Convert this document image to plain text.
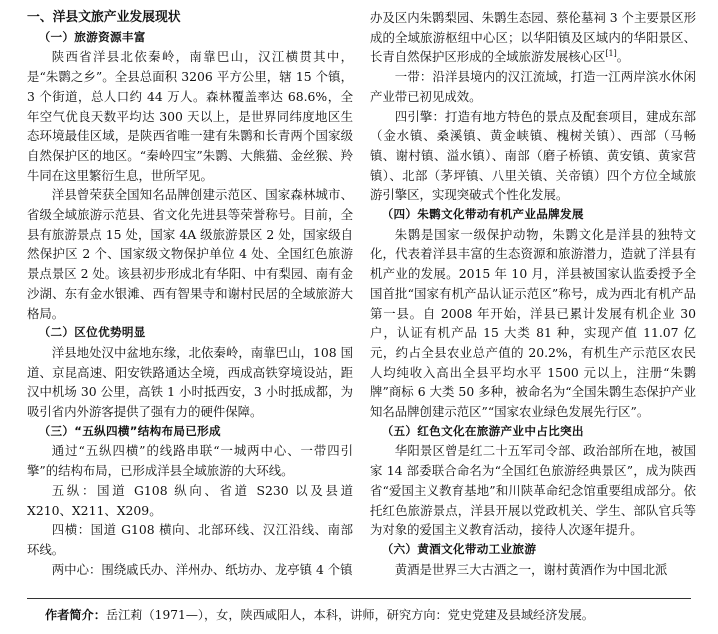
一、洋县文旅产业发展现状
（一）旅游资源丰富

陕西省洋县北依秦岭，南靠巴山，汉江横贯其中，是“朱鹮之乡”。全县总面积 3206 平方公里，辖 15 个镇，3 个街道，总人口约 44 万人。森林覆盖率达 68.6%，全年空气优良天数平均达 300 天以上，是世界同纬度地区生态环境最佳区域，是陕西省唯一建有朱鹮和长青两个国家级自然保护区的地区。“秦岭四宝”朱鹮、大熊猫、金丝猴、羚牛同在这里繁衍生息，世所罕见。

洋县曾荣获全国知名品牌创建示范区、国家森林城市、省级全域旅游示范县、省文化先进县等荣誉称号。目前，全县有旅游景点 15 处，国家 4A 级旅游景区 2 处，国家级自然保护区 2 个、国家级文物保护单位 4 处、全国红色旅游景点景区 2 处。该县初步形成北有华阳、中有梨园、南有金沙湖、东有金水银滩、西有智果寺和谢村民居的全域旅游大格局。

（二）区位优势明显

洋县地处汉中盆地东缘，北依秦岭，南靠巴山，108 国道、京昆高速、阳安铁路通达全境，西成高铁穿境设站，距汉中机场 30 公里，高铁 1 小时抵西安，3 小时抵成都，为吸引省内外游客提供了强有力的硬件保障。

（三）“五纵四横”结构布局已形成

通过“五纵四横”的线路串联“一城两中心、一带四引擎”的结构布局，已形成洋县全域旅游的大环线。

五纵：国道 G108 纵向、省道 S230 以及县道 X210、X211、X209。

四横：国道 G108 横向、北部环线、汉江沿线、南部环线。

两中心：围绕戚氏办、洋州办、纸坊办、龙亭镇 4 个镇

办及区内朱鹮梨园、朱鹮生态园、蔡伦墓祠 3 个主要景区形成的全域旅游枢纽中心区；以华阳镇及区域内的华阳景区、长青自然保护区形成的全域旅游发展核心区[1]。

一带：沿洋县境内的汉江流域，打造一江两岸滨水休闲产业带已初见成效。

四引擎：打造有地方特色的景点及配套项目，建成东部（金水镇、桑溪镇、黄金峡镇、槐树关镇）、西部（马畅镇、谢村镇、溢水镇）、南部（磨子桥镇、黄安镇、黄家营镇）、北部（茅坪镇、八里关镇、关帝镇）四个方位全域旅游引擎区，实现突破式个性化发展。

（四）朱鹮文化带动有机产业品牌发展

朱鹮是国家一级保护动物，朱鹮文化是洋县的独特文化，代表着洋县丰富的生态资源和旅游潜力，造就了洋县有机产业的发展。2015 年 10 月，洋县被国家认监委授予全国首批“国家有机产品认证示范区”称号，成为西北有机产品第一县。自 2008 年开始，洋县已累计发展有机企业 30 户，认证有机产品 15 大类 81 种，实现产值 11.07 亿元，约占全县农业总产值的 20.2%，有机生产示范区农民人均纯收入高出全县平均水平 1500 元以上，注册“朱鹮牌”商标 6 大类 50 多种，被命名为“全国朱鹮生态保护产业知名品牌创建示范区”“国家农业绿色发展先行区”。

（五）红色文化在旅游产业中占比突出

华阳景区曾是红二十五军司令部、政治部所在地，被国家 14 部委联合命名为“全国红色旅游经典景区”，成为陕西省“爱国主义教育基地”和川陕革命纪念馆重要组成部分。依托红色旅游景点，洋县开展以党政机关、学生、部队官兵等为对象的爱国主义教育活动，接待人次逐年提升。

（六）黄酒文化带动工业旅游

黄酒是世界三大古酒之一，谢村黄酒作为中国北派

作者简介：岳江莉（1971—），女，陕西咸阳人，本科，讲师，研究方向：党史党建及县域经济发展。
